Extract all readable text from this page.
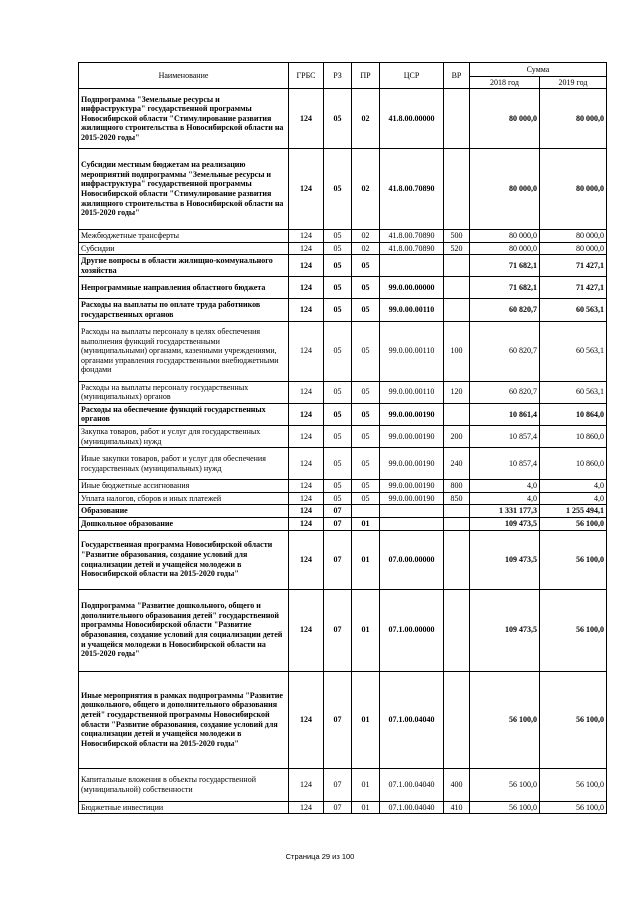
Наименование	ГРБС	РЗ	ПР	ЦСР	ВР	Сумма	
						2018 год	2019 год
Подпрограмма "Земельные ресурсы и инфраструктура" государственной программы Новосибирской области "Стимулирование развития жилищного строительства в Новосибирской области на 2015-2020 годы"	124	05	02	41.8.00.00000		80 000,0	80 000,0
Субсидии местным бюджетам на реализацию мероприятий подпрограммы "Земельные ресурсы и инфраструктура" государственной программы Новосибирской области "Стимулирование развития жилищного строительства в Новосибирской области на 2015-2020 годы"	124	05	02	41.8.00.70890		80 000,0	80 000,0
Межбюджетные трансферты	124	05	02	41.8.00.70890	500	80 000,0	80 000,0
Субсидии	124	05	02	41.8.00.70890	520	80 000,0	80 000,0
Другие вопросы в области жилищно-коммунального хозяйства	124	05	05			71 682,1	71 427,1
Непрограммные направления областного бюджета	124	05	05	99.0.00.00000		71 682,1	71 427,1
Расходы на выплаты по оплате труда работников государственных органов	124	05	05	99.0.00.00110		60 820,7	60 563,1
Расходы на выплаты персоналу в целях обеспечения выполнения функций государственными (муниципальными) органами, казенными учреждениями, органами управления государственными внебюджетными фондами	124	05	05	99.0.00.00110	100	60 820,7	60 563,1
Расходы на выплаты персоналу государственных (муниципальных) органов	124	05	05	99.0.00.00110	120	60 820,7	60 563,1
Расходы на обеспечение функций государственных органов	124	05	05	99.0.00.00190		10 861,4	10 864,0
Закупка товаров, работ и услуг для государственных (муниципальных) нужд	124	05	05	99.0.00.00190	200	10 857,4	10 860,0
Иные закупки товаров, работ и услуг для обеспечения государственных (муниципальных) нужд	124	05	05	99.0.00.00190	240	10 857,4	10 860,0
Иные бюджетные ассигнования	124	05	05	99.0.00.00190	800	4,0	4,0
Уплата налогов, сборов и иных платежей	124	05	05	99.0.00.00190	850	4,0	4,0
Образование	124	07				1 331 177,3	1 255 494,1
Дошкольное образование	124	07	01			109 473,5	56 100,0
Государственная программа Новосибирской области "Развитие образования, создание условий для социализации детей и учащейся молодежи в Новосибирской области на 2015-2020 годы"	124	07	01	07.0.00.00000		109 473,5	56 100,0
Подпрограмма "Развитие дошкольного, общего и дополнительного образования детей" государственной программы Новосибирской области "Развитие образования, создание условий для социализации детей и учащейся молодежи в Новосибирской области на 2015-2020 годы"	124	07	01	07.1.00.00000		109 473,5	56 100,0
Иные мероприятия в рамках подпрограммы "Развитие дошкольного, общего и дополнительного образования детей" государственной программы Новосибирской области "Развитие образования, создание условий для социализации детей и учащейся молодежи в Новосибирской области на 2015-2020 годы"	124	07	01	07.1.00.04040		56 100,0	56 100,0
Капитальные вложения в объекты государственной (муниципальной) собственности	124	07	01	07.1.00.04040	400	56 100,0	56 100,0
Бюджетные инвестиции	124	07	01	07.1.00.04040	410	56 100,0	56 100,0
Страница 29 из 100
